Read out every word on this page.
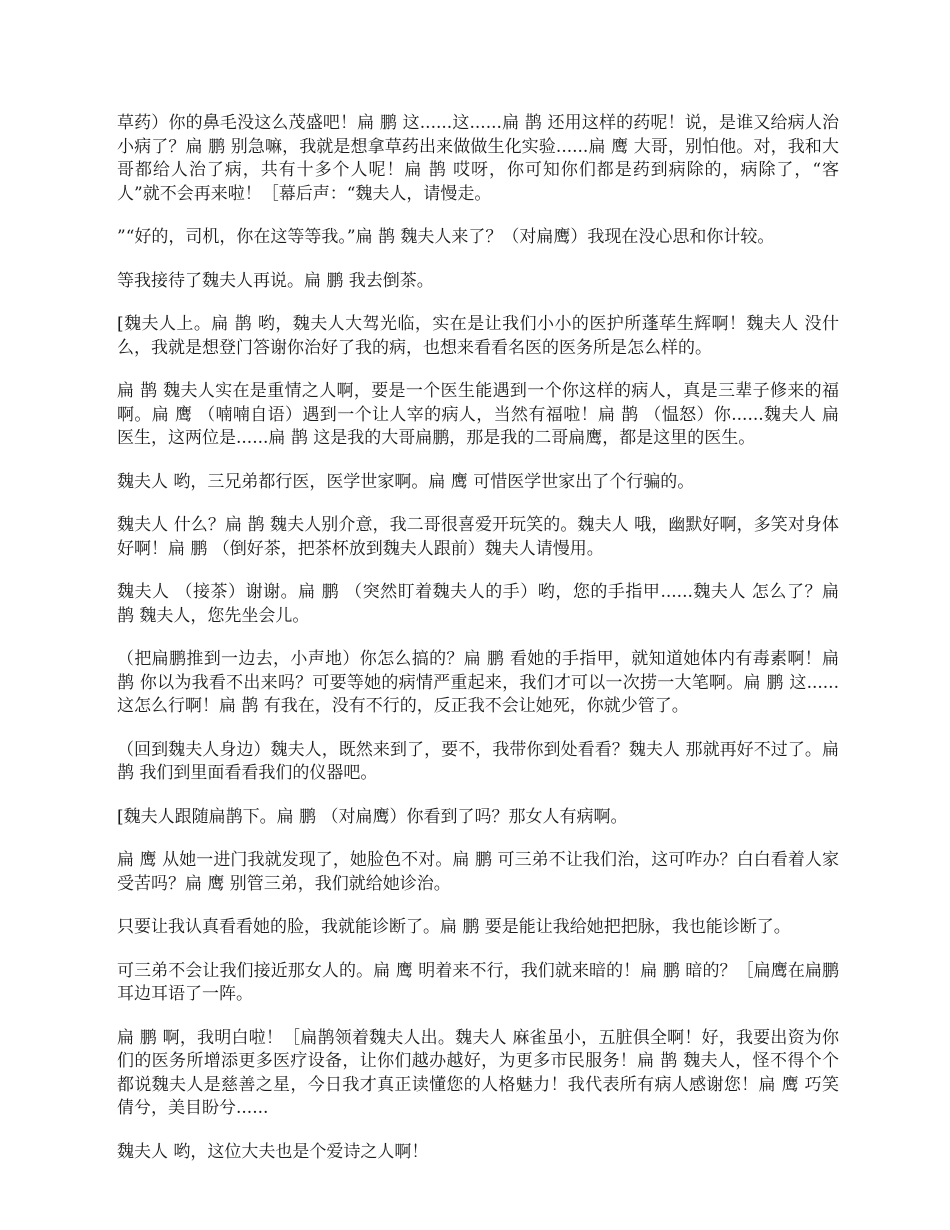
草药）你的鼻毛没这么茂盛吧！扁 鹏 这......这......扁 鹊 还用这样的药呢！说，是谁又给病人治小病了？扁 鹏 别急嘛，我就是想拿草药出来做做生化实验......扁 鹰 大哥，别怕他。对，我和大哥都给人治了病，共有十多个人呢！扁 鹊 哎呀，你可知你们都是药到病除的，病除了，“客人”就不会再来啦！［幕后声：“魏夫人，请慢走。

”“好的，司机，你在这等等我。”扁 鹊 魏夫人来了？（对扁鹰）我现在没心思和你计较。

等我接待了魏夫人再说。扁 鹏 我去倒茶。

[魏夫人上。扁 鹊 哟，魏夫人大驾光临，实在是让我们小小的医护所蓬荜生辉啊！魏夫人 没什么，我就是想登门答谢你治好了我的病，也想来看看名医的医务所是怎么样的。

扁 鹊 魏夫人实在是重情之人啊，要是一个医生能遇到一个你这样的病人，真是三辈子修来的福啊。扁 鹰 （喃喃自语）遇到一个让人宰的病人，当然有福啦！扁 鹊 （愠怒）你......魏夫人 扁医生，这两位是......扁 鹊 这是我的大哥扁鹏，那是我的二哥扁鹰，都是这里的医生。

魏夫人 哟，三兄弟都行医，医学世家啊。扁 鹰 可惜医学世家出了个行骗的。

魏夫人 什么？扁 鹊 魏夫人别介意，我二哥很喜爱开玩笑的。魏夫人 哦，幽默好啊，多笑对身体好啊！扁 鹏 （倒好茶，把茶杯放到魏夫人跟前）魏夫人请慢用。

魏夫人 （接茶）谢谢。扁 鹏 （突然盯着魏夫人的手）哟，您的手指甲......魏夫人 怎么了？扁 鹊 魏夫人，您先坐会儿。

（把扁鹏推到一边去，小声地）你怎么搞的？扁 鹏 看她的手指甲，就知道她体内有毒素啊！扁 鹊 你以为我看不出来吗？可要等她的病情严重起来，我们才可以一次捞一大笔啊。扁 鹏 这......这怎么行啊！扁 鹊 有我在，没有不行的，反正我不会让她死，你就少管了。

（回到魏夫人身边）魏夫人，既然来到了，要不，我带你到处看看？魏夫人 那就再好不过了。扁 鹊 我们到里面看看我们的仪器吧。

[魏夫人跟随扁鹊下。扁 鹏 （对扁鹰）你看到了吗？那女人有病啊。

扁 鹰 从她一进门我就发现了，她脸色不对。扁 鹏 可三弟不让我们治，这可咋办？白白看着人家受苦吗？扁 鹰 别管三弟，我们就给她诊治。

只要让我认真看看她的脸，我就能诊断了。扁 鹏 要是能让我给她把把脉，我也能诊断了。

可三弟不会让我们接近那女人的。扁 鹰 明着来不行，我们就来暗的！扁 鹏 暗的？［扁鹰在扁鹏耳边耳语了一阵。

扁 鹏 啊，我明白啦！［扁鹊领着魏夫人出。魏夫人 麻雀虽小，五脏俱全啊！好，我要出资为你们的医务所增添更多医疗设备，让你们越办越好，为更多市民服务！扁 鹊 魏夫人，怪不得个个都说魏夫人是慈善之星，今日我才真正读懂您的人格魅力！我代表所有病人感谢您！扁 鹰 巧笑倩兮，美目盼兮......

魏夫人 哟，这位大夫也是个爱诗之人啊！
